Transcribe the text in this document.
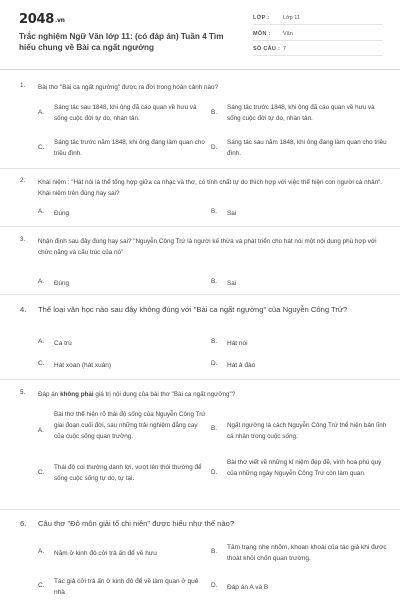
2048.vn
Trắc nghiệm Ngữ Văn lớp 11: (có đáp án) Tuần 4 Tìm hiểu chung về Bài ca ngất ngưởng
LỚP : Lớp 11
MÔN : Văn
SỐ CÂU : 7
1. Bài thơ "Bài ca ngất ngưởng" được ra đời trong hoàn cảnh nào?
A.
Sáng tác sau 1848, khi ông đã cáo quan về hưu và sống cuộc đời tự do, nhàn tản.
B.
Sáng tác trước 1848, khi ông đã cáo quan về hưu và sống cuộc đời tự do, nhàn tản.
C.
Sáng tác trước năm 1848, khi ông đang làm quan cho triều đình.
D.
Sáng tác sau năm 1848, khi ông đang làm quan cho triều đình.
2. Khái niệm : "Hát nói là thể tổng hợp giữa ca nhạc và thơ, có tính chất tự do thích hợp với việc thể hiện con người cá nhân". Khái niệm trên đúng hay sai?
A. Đúng	B. Sai
3. Nhận định sau đây đúng hay sai? "Nguyễn Công Trứ là người kế thừa và phát triển cho hát nói một nội dung phù hợp với chức năng và cấu trúc của nó"
A. Đúng	B. Sai
4. Thể loại văn học nào sau đây không đúng với "Bài ca ngất ngưởng" của Nguyễn Công Trứ?
A. Ca trù	B. Hát nói
C. Hát xoan (hát xuân)	D. Hát ả đào
5. Đáp án không phải giá trị nội dung của bài thơ "Bài ca ngất ngưởng"?
A.
Bài thơ thể hiện rõ thái độ sống của Nguyễn Công Trứ giai đoạn cuối đời, sau những trải nghiệm đắng cay của cuộc sống quan trường.
B. Ngất ngưởng là cách Nguyễn Công Trứ thể hiện bản lĩnh cá nhân trong cuộc sống.
C.
Thái độ coi thường danh lợi, vượt lên thói thường để sống cuộc sống tự do, tự tại.
D.
Bài thơ viết về những kỉ niệm đẹp đẽ, vinh hoa phú quý của những ngày Nguyễn Công Trứ còn làm quan.
6. Câu thơ "Đô môn giải tổ chi niên" được hiểu như thế nào?
A. Năm ở kinh đô cởi trả ấn để về hưu	B.
Tâm trạng nhẹ nhõm, khoan khoái của tác giả khi được thoát khỏi chốn quan trường.
C.
Tác giả cởi trả ấn ở kinh đô để về làm quan ở quê nhà
D. Đáp án A và B
